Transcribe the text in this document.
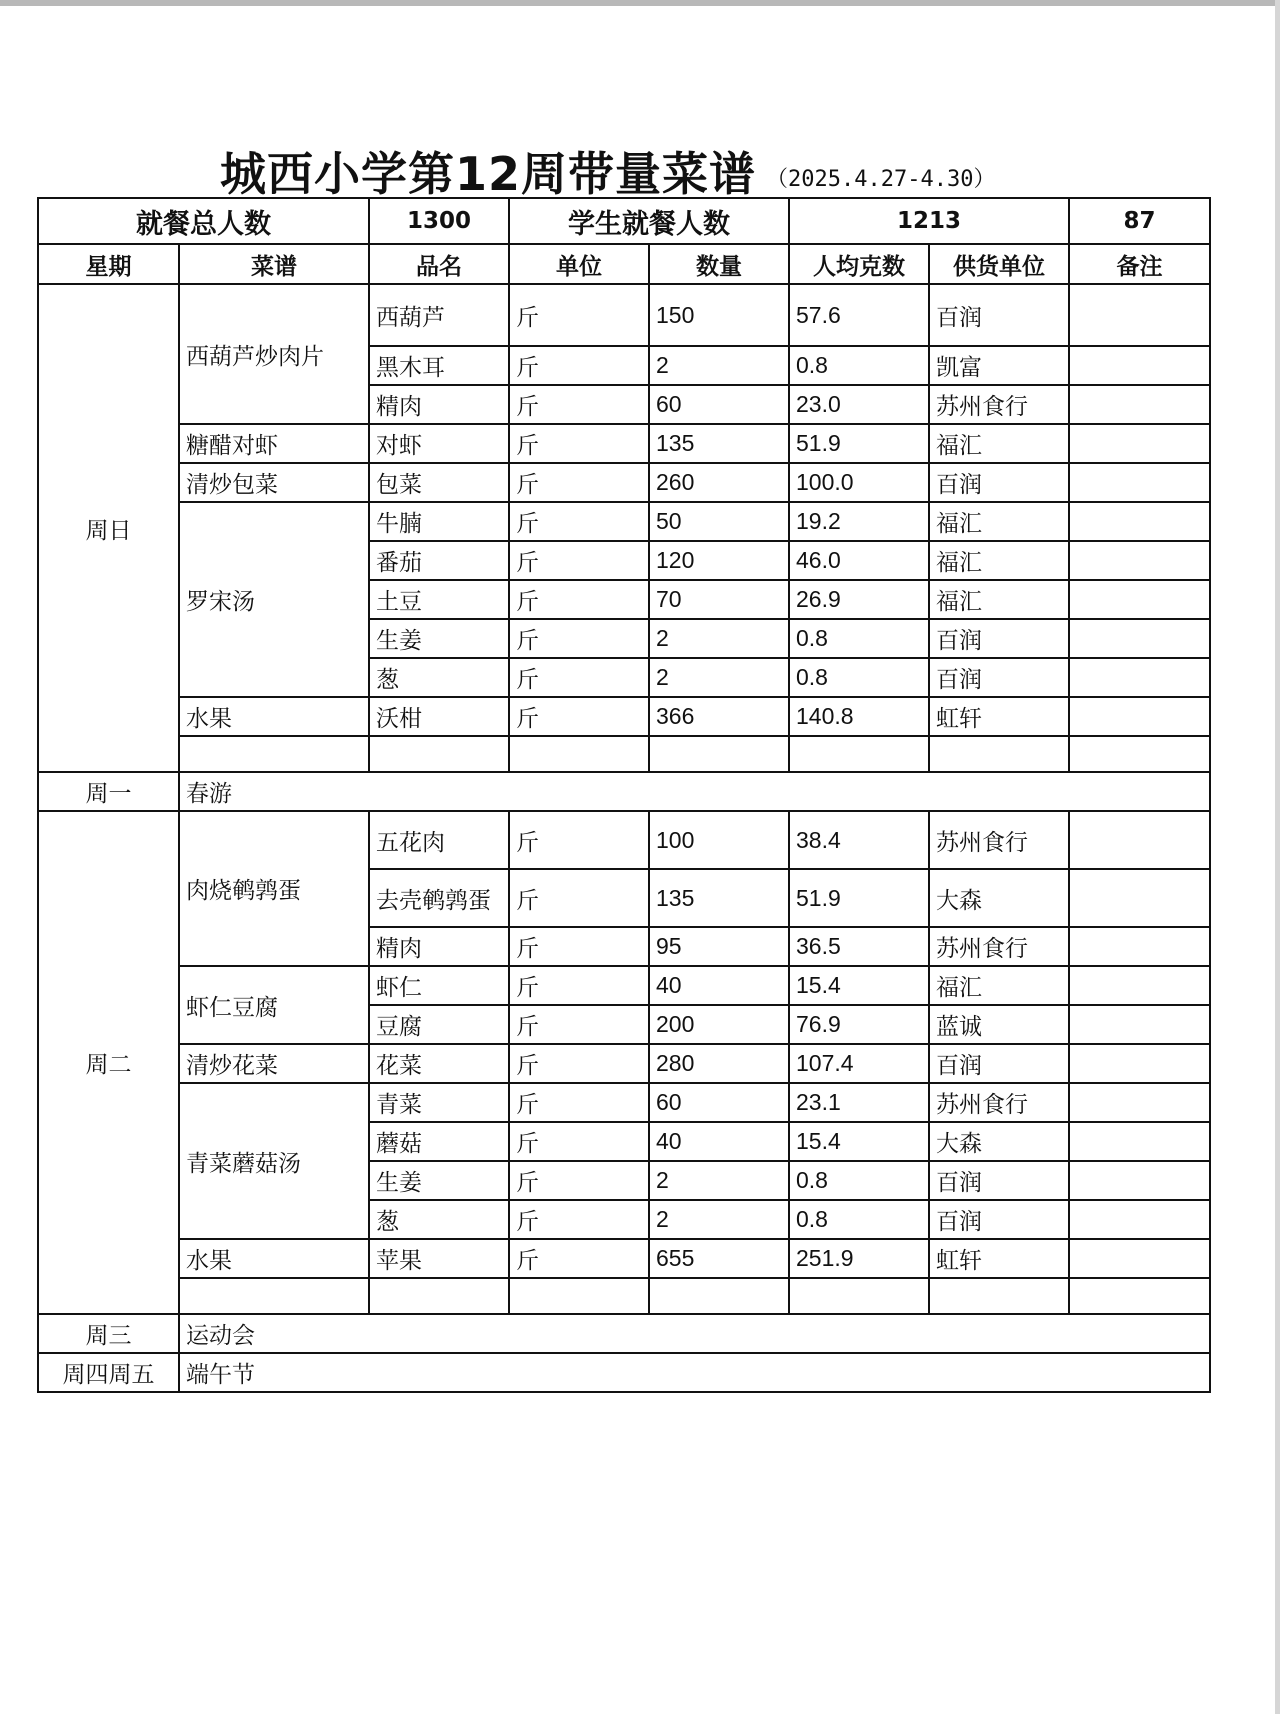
城西小学第12周带量菜谱 （2025.4.27-4.30）
就餐总人数		1300	学生就餐人数		1213		87
星期	菜谱	品名	单位	数量	人均克数	供货单位	备注
周日	西葫芦炒肉片	西葫芦	斤	150	57.6	百润	
		黑木耳	斤	2	0.8	凯富	
		精肉	斤	60	23.0	苏州食行	
	糖醋对虾	对虾	斤	135	51.9	福汇	
	清炒包菜	包菜	斤	260	100.0	百润	
	罗宋汤	牛腩	斤	50	19.2	福汇	
		番茄	斤	120	46.0	福汇	
		土豆	斤	70	26.9	福汇	
		生姜	斤	2	0.8	百润	
		葱	斤	2	0.8	百润	
	水果	沃柑	斤	366	140.8	虹轩	

周一	春游						
周二	肉烧鹌鹑蛋	五花肉	斤	100	38.4	苏州食行	
		去壳鹌鹑蛋	斤	135	51.9	大森	
		精肉	斤	95	36.5	苏州食行	
	虾仁豆腐	虾仁	斤	40	15.4	福汇	
		豆腐	斤	200	76.9	蓝诚	
	清炒花菜	花菜	斤	280	107.4	百润	
	青菜蘑菇汤	青菜	斤	60	23.1	苏州食行	
		蘑菇	斤	40	15.4	大森	
		生姜	斤	2	0.8	百润	
		葱	斤	2	0.8	百润	
	水果	苹果	斤	655	251.9	虹轩	

周三	运动会						
周四周五	端午节						
